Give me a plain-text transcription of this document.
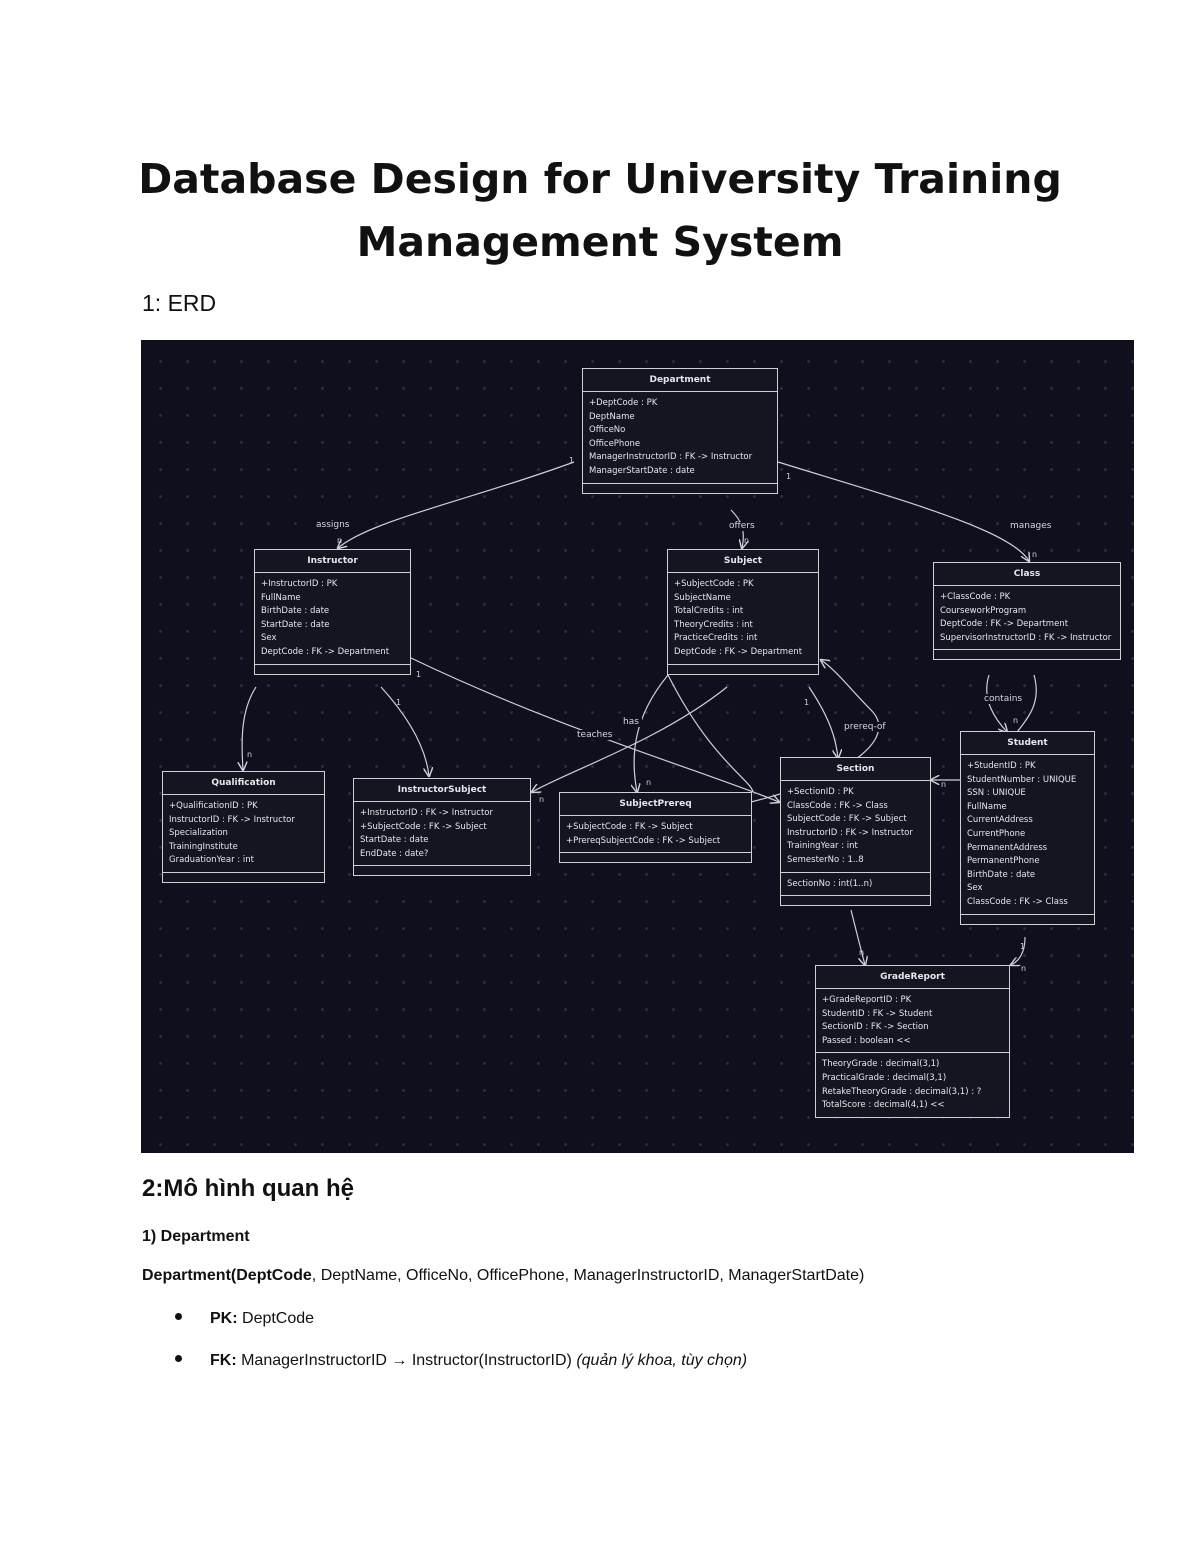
Database Design for University Training
Management System
1: ERD
assigns	offers	manages
teaches
has	prereq-of
contains
1
n	n
1
n
n
1
1
n
n
1
n
n
1
n
n
Department
+DeptCode : PK
DeptName
OfficeNo
OfficePhone
ManagerInstructorID : FK -> Instructor
ManagerStartDate : date
Instructor
+InstructorID : PK
FullName
BirthDate : date
StartDate : date
Sex
DeptCode : FK -> Department
Subject
+SubjectCode : PK
SubjectName
TotalCredits : int
TheoryCredits : int
PracticeCredits : int
DeptCode : FK -> Department
Class
+ClassCode : PK
CourseworkProgram
DeptCode : FK -> Department
SupervisorInstructorID : FK -> Instructor
Qualification
+QualificationID : PK
InstructorID : FK -> Instructor
Specialization
TrainingInstitute
GraduationYear : int
InstructorSubject
+InstructorID : FK -> Instructor
+SubjectCode : FK -> Subject
StartDate : date
EndDate : date?
SubjectPrereq
+SubjectCode : FK -> Subject
+PrereqSubjectCode : FK -> Subject
Section
+SectionID : PK
ClassCode : FK -> Class
SubjectCode : FK -> Subject
InstructorID : FK -> Instructor
TrainingYear : int
SemesterNo : 1..8
SectionNo : int(1..n)
Student
+StudentID : PK
StudentNumber : UNIQUE
SSN : UNIQUE
FullName
CurrentAddress
CurrentPhone
PermanentAddress
PermanentPhone
BirthDate : date
Sex
ClassCode : FK -> Class
GradeReport
+GradeReportID : PK
StudentID : FK -> Student
SectionID : FK -> Section
Passed : boolean <<
TheoryGrade : decimal(3,1)
PracticalGrade : decimal(3,1)
RetakeTheoryGrade : decimal(3,1) : ?
TotalScore : decimal(4,1) <<
2:Mô hình quan hệ
1) Department
Department(DeptCode, DeptName, OfficeNo, OfficePhone, ManagerInstructorID, ManagerStartDate)
PK: DeptCode
FK: ManagerInstructorID → Instructor(InstructorID) (quản lý khoa, tùy chọn)
